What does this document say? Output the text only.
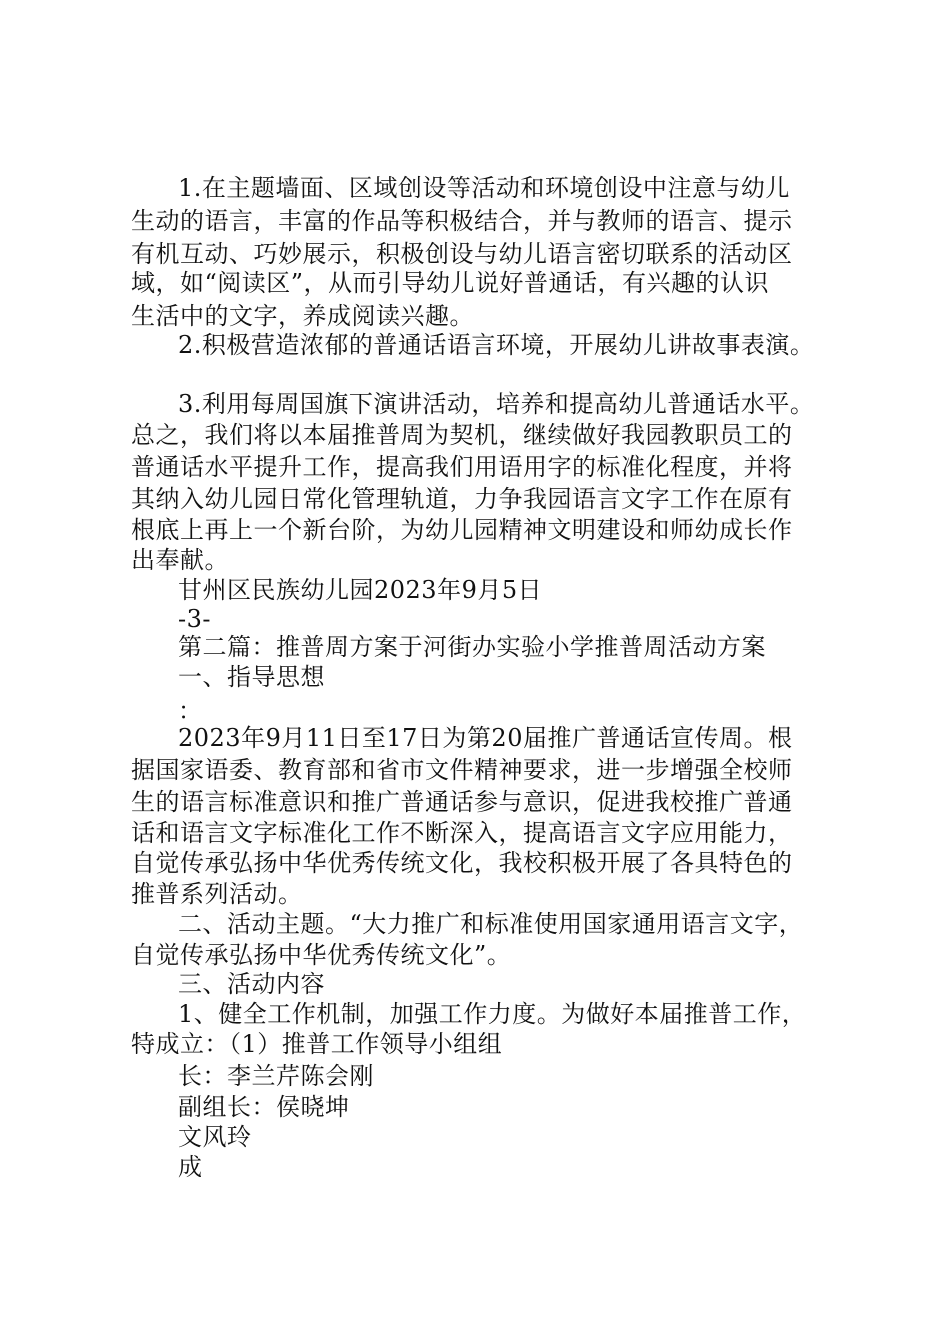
1.在主题墙面、区域创设等活动和环境创设中注意与幼儿
生动的语言，丰富的作品等积极结合，并与教师的语言、提示
有机互动、巧妙展示，积极创设与幼儿语言密切联系的活动区
域，如“阅读区”，从而引导幼儿说好普通话，有兴趣的认识
生活中的文字，养成阅读兴趣。
2.积极营造浓郁的普通话语言环境，开展幼儿讲故事表演。
3.利用每周国旗下演讲活动，培养和提高幼儿普通话水平。
总之，我们将以本届推普周为契机，继续做好我园教职员工的
普通话水平提升工作，提高我们用语用字的标准化程度，并将
其纳入幼儿园日常化管理轨道，力争我园语言文字工作在原有
根底上再上一个新台阶，为幼儿园精神文明建设和师幼成长作
出奉献。
甘州区民族幼儿园2023年9月5日
-3-
第二篇：推普周方案于河街办实验小学推普周活动方案
一、指导思想
：
2023年9月11日至17日为第20届推广普通话宣传周。根
据国家语委、教育部和省市文件精神要求，进一步增强全校师
生的语言标准意识和推广普通话参与意识，促进我校推广普通
话和语言文字标准化工作不断深入，提高语言文字应用能力，
自觉传承弘扬中华优秀传统文化，我校积极开展了各具特色的
推普系列活动。
二、活动主题。“大力推广和标准使用国家通用语言文字，
自觉传承弘扬中华优秀传统文化”。
三、活动内容
1、健全工作机制，加强工作力度。为做好本届推普工作，
特成立：（1）推普工作领导小组组
长：李兰芹陈会刚
副组长：侯晓坤
文风玲
成
